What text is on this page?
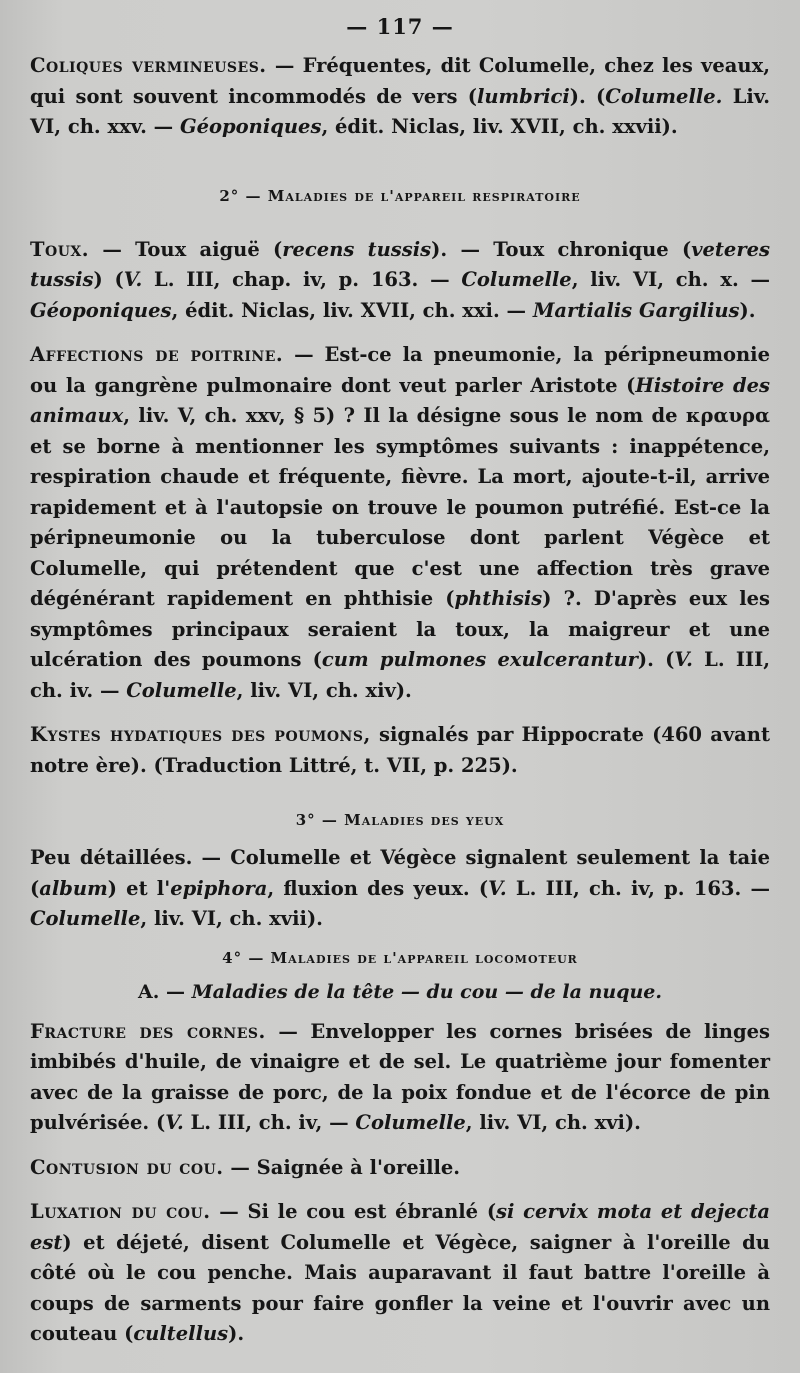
— 117 —

Coliques vermineuses. — Fréquentes, dit Columelle, chez les veaux, qui sont souvent incommodés de vers (lumbrici). (Columelle. Liv. VI, ch. xxv. — Géoponiques, édit. Niclas, liv. XVII, ch. xxvii).

2° — Maladies de l'appareil respiratoire

Toux. — Toux aiguë (recens tussis). — Toux chronique (veteres tussis) (V. L. III, chap. iv, p. 163. — Columelle, liv. VI, ch. x. — Géoponiques, édit. Niclas, liv. XVII, ch. xxi. — Martialis Gargilius).

Affections de poitrine. — Est-ce la pneumonie, la péripneumonie ou la gangrène pulmonaire dont veut parler Aristote (Histoire des animaux, liv. V, ch. xxv, § 5) ? Il la désigne sous le nom de κραυρα et se borne à mentionner les symptômes suivants : inappétence, respiration chaude et fréquente, fièvre. La mort, ajoute-t-il, arrive rapidement et à l'autopsie on trouve le poumon putréfié. Est-ce la péripneumonie ou la tuberculose dont parlent Végèce et Columelle, qui prétendent que c'est une affection très grave dégénérant rapidement en phthisie (phthisis) ?. D'après eux les symptômes principaux seraient la toux, la maigreur et une ulcération des poumons (cum pulmones exulcerantur). (V. L. III, ch. iv. — Columelle, liv. VI, ch. xiv).

Kystes hydatiques des poumons, signalés par Hippocrate (460 avant notre ère). (Traduction Littré, t. VII, p. 225).

3° — Maladies des yeux

Peu détaillées. — Columelle et Végèce signalent seulement la taie (album) et l'epiphora, fluxion des yeux. (V. L. III, ch. iv, p. 163. — Columelle, liv. VI, ch. xvii).

4° — Maladies de l'appareil locomoteur
A. — Maladies de la tête — du cou — de la nuque.

Fracture des cornes. — Envelopper les cornes brisées de linges imbibés d'huile, de vinaigre et de sel. Le quatrième jour fomenter avec de la graisse de porc, de la poix fondue et de l'écorce de pin pulvérisée. (V. L. III, ch. iv, — Columelle, liv. VI, ch. xvi).

Contusion du cou. — Saignée à l'oreille.

Luxation du cou. — Si le cou est ébranlé (si cervix mota et dejecta est) et déjeté, disent Columelle et Végèce, saigner à l'oreille du côté où le cou penche. Mais auparavant il faut battre l'oreille à coups de sarments pour faire gonfler la veine et l'ouvrir avec un couteau (cultellus).
